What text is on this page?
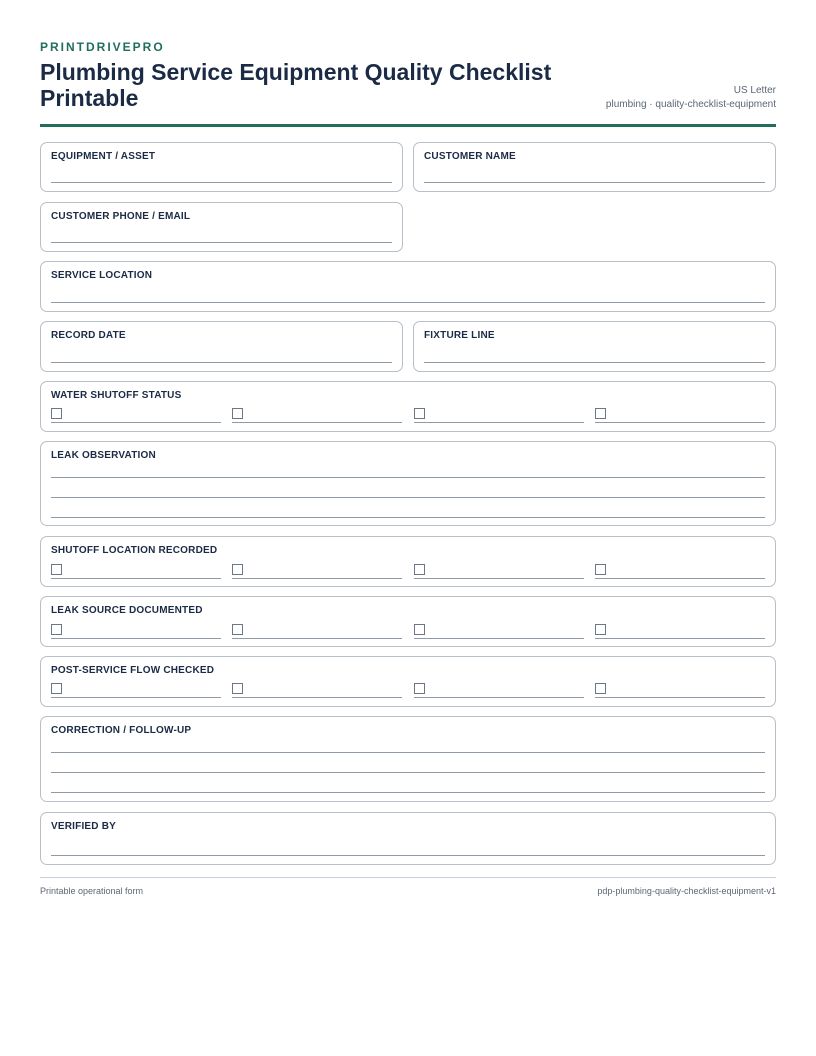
PRINTDRIVEPRO
Plumbing Service Equipment Quality Checklist Printable	US Letter
plumbing · quality-checklist-equipment
EQUIPMENT / ASSET	CUSTOMER NAME
CUSTOMER PHONE / EMAIL
SERVICE LOCATION
RECORD DATE	FIXTURE LINE
WATER SHUTOFF STATUS
LEAK OBSERVATION
SHUTOFF LOCATION RECORDED
LEAK SOURCE DOCUMENTED
POST-SERVICE FLOW CHECKED
CORRECTION / FOLLOW-UP
VERIFIED BY
Printable operational form	pdp-plumbing-quality-checklist-equipment-v1
